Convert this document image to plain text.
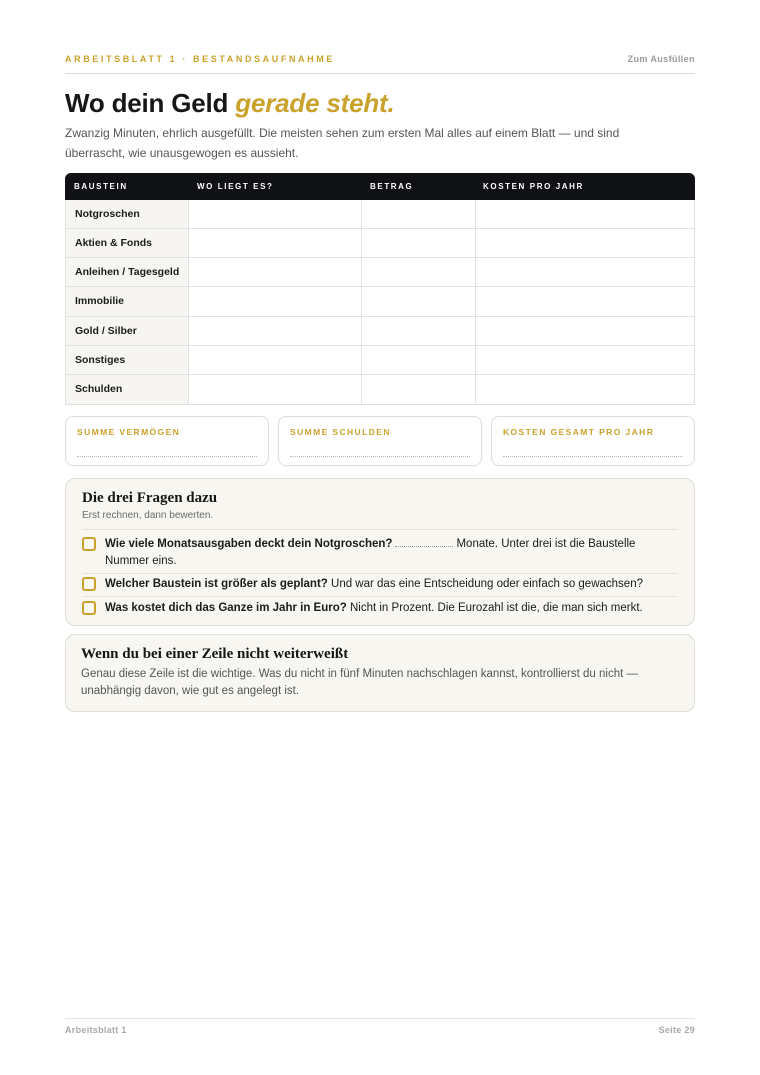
ARBEITSBLATT 1 · BESTANDSAUFNAHME	Zum Ausfüllen
Wo dein Geld gerade steht.

Zwanzig Minuten, ehrlich ausgefüllt. Die meisten sehen zum ersten Mal alles auf einem Blatt — und sind überrascht, wie unausgewogen es aussieht.

BAUSTEIN	WO LIEGT ES?	BETRAG	KOSTEN PRO JAHR
Notgroschen
Aktien & Fonds
Anleihen / Tagesgeld
Immobilie
Gold / Silber
Sonstiges
Schulden
SUMME VERMÖGEN	SUMME SCHULDEN	KOSTEN GESAMT PRO JAHR
Die drei Fragen dazu
Erst rechnen, dann bewerten.
Wie viele Monatsausgaben deckt dein Notgroschen?	Monate. Unter drei ist die Baustelle Nummer eins.
Welcher Baustein ist größer als geplant? Und war das eine Entscheidung oder einfach so gewachsen?
Was kostet dich das Ganze im Jahr in Euro? Nicht in Prozent. Die Eurozahl ist die, die man sich merkt.
Wenn du bei einer Zeile nicht weiterweißt

Genau diese Zeile ist die wichtige. Was du nicht in fünf Minuten nachschlagen kannst, kontrollierst du nicht — unabhängig davon, wie gut es angelegt ist.

Arbeitsblatt 1	Seite 29
